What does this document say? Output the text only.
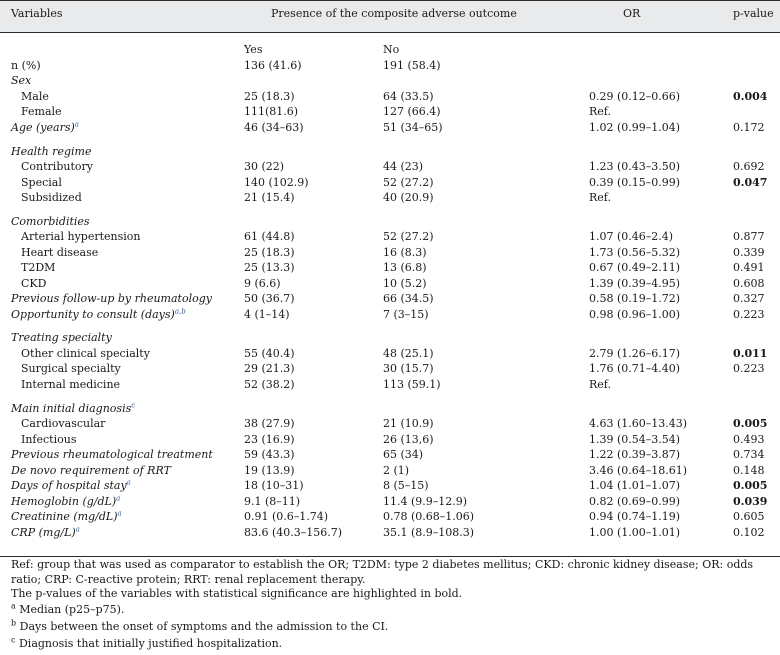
Variables	Presence of the composite adverse outcome	OR	p-value
Yes	No
n (%)	136 (41.6)	191 (58.4)
Sex
Male	25 (18.3)	64 (33.5)	0.29 (0.12–0.66)	0.004
Female	111(81.6)	127 (66.4)	Ref.
Age (years)$^a$	46 (34–63)	51 (34–65)	1.02 (0.99–1.04)	0.172
Health regime
Contributory	30 (22)	44 (23)	1.23 (0.43–3.50)	0.692
Special	140 (102.9)	52 (27.2)	0.39 (0.15–0.99)	0.047
Subsidized	21 (15.4)	40 (20.9)	Ref.
Comorbidities
Arterial hypertension	61 (44.8)	52 (27.2)	1.07 (0.46–2.4)	0.877
Heart disease	25 (18.3)	16 (8.3)	1.73 (0.56–5.32)	0.339
T2DM	25 (13.3)	13 (6.8)	0.67 (0.49–2.11)	0.491
CKD	9 (6.6)	10 (5.2)	1.39 (0.39–4.95)	0.608
Previous follow-up by rheumatology	50 (36.7)	66 (34.5)	0.58 (0.19–1.72)	0.327
Opportunity to consult (days)$^{a,b}$	4 (1–14)	7 (3–15)	0.98 (0.96–1.00)	0.223
Treating specialty
Other clinical specialty	55 (40.4)	48 (25.1)	2.79 (1.26–6.17)	0.011
Surgical specialty	29 (21.3)	30 (15.7)	1.76 (0.71–4.40)	0.223
Internal medicine	52 (38.2)	113 (59.1)	Ref.
Main initial diagnosis$^c$
Cardiovascular	38 (27.9)	21 (10.9)	4.63 (1.60–13.43)	0.005
Infectious	23 (16.9)	26 (13,6)	1.39 (0.54–3.54)	0.493
Previous rheumatological treatment	59 (43.3)	65 (34)	1.22 (0.39–3.87)	0.734
De novo requirement of RRT	19 (13.9)	2 (1)	3.46 (0.64–18.61)	0.148
Days of hospital stay$^a$	18 (10–31)	8 (5–15)	1.04 (1.01–1.07)	0.005
Hemoglobin $(g/dL)^a$	9.1 (8–11)	11.4 (9.9–12.9)	0.82 (0.69–0.99)	0.039
Creatinine $(mg/dL)^a$	0.91 (0.6–1.74)	0.78 (0.68–1.06)	0.94 (0.74–1.19)	0.605
CRP $(mg/L)^a$	83.6 (40.3–156.7)	35.1 (8.9–108.3)	1.00 (1.00–1.01)	0.102
Ref: group that was used as comparator to establish the OR; T2DM: type 2 diabetes mellitus; CKD: chronic kidney disease; OR: odds ratio; CRP: C-reactive protein; RRT: renal replacement therapy.
The p-values of the variables with statistical significance are highlighted in bold.
$^a$ Median (p25–p75).
$^b$ Days between the onset of symptoms and the admission to the CI.
$^c$ Diagnosis that initially justified hospitalization.
